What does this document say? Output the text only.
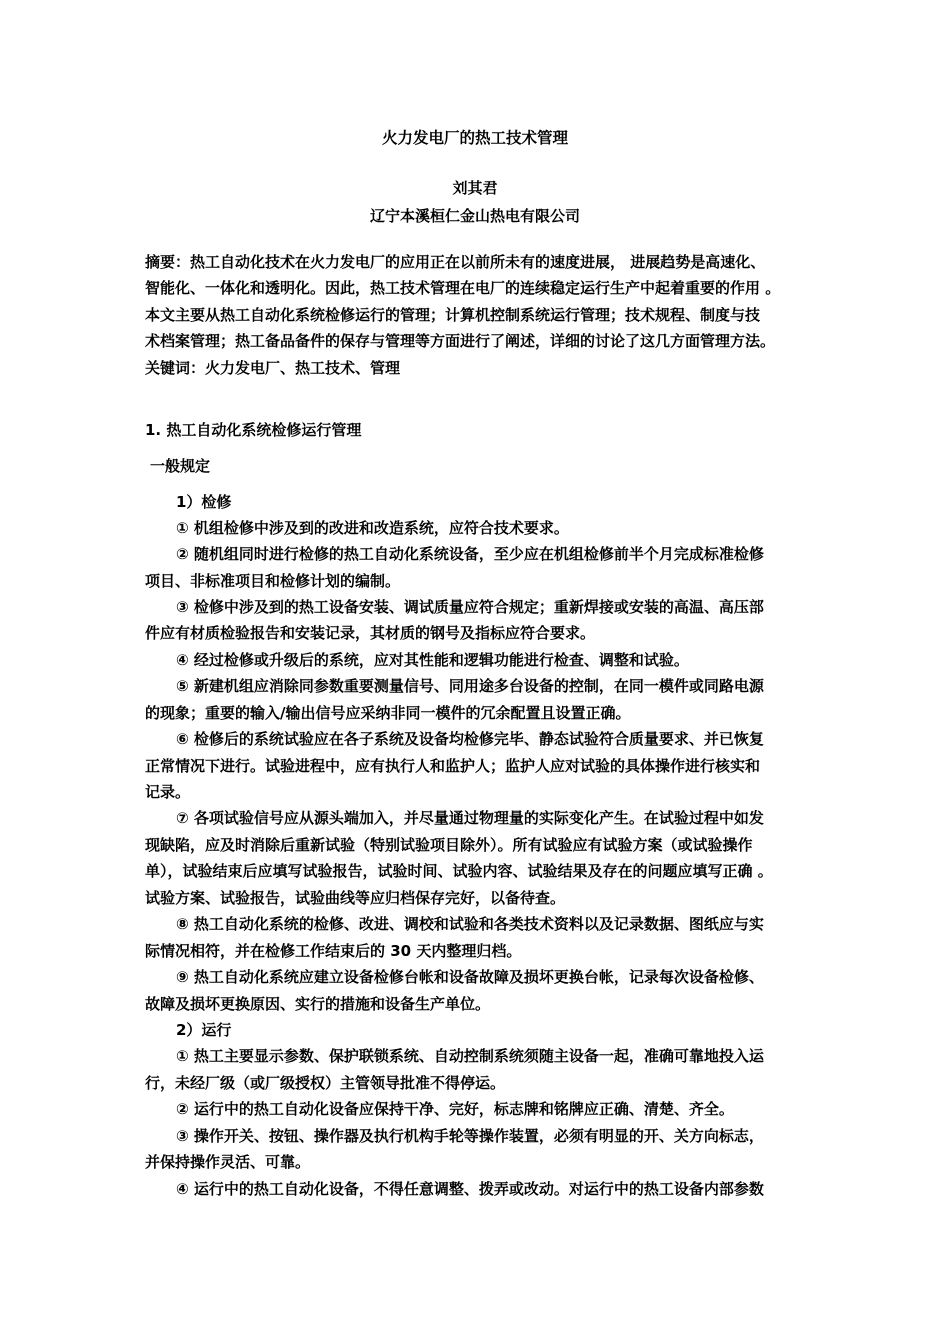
火力发电厂的热工技术管理
刘其君
辽宁本溪桓仁金山热电有限公司
摘要：热工自动化技术在火力发电厂的应用正在以前所未有的速度进展， 进展趋势是高速化、
智能化、一体化和透明化。因此，热工技术管理在电厂的连续稳定运行生产中起着重要的作用 。
本文主要从热工自动化系统检修运行的管理；计算机控制系统运行管理；技术规程、制度与技
术档案管理；热工备品备件的保存与管理等方面进行了阐述，详细的讨论了这几方面管理方法。
关键词：火力发电厂、热工技术、管理
1. 热工自动化系统检修运行管理
一般规定
1）检修
① 机组检修中涉及到的改进和改造系统，应符合技术要求。
② 随机组同时进行检修的热工自动化系统设备，至少应在机组检修前半个月完成标准检修
项目、非标准项目和检修计划的编制。
③ 检修中涉及到的热工设备安装、调试质量应符合规定；重新焊接或安装的高温、高压部
件应有材质检验报告和安装记录，其材质的钢号及指标应符合要求。
④ 经过检修或升级后的系统，应对其性能和逻辑功能进行检查、调整和试验。
⑤ 新建机组应消除同参数重要测量信号、同用途多台设备的控制，在同一模件或同路电源
的现象；重要的输入/输出信号应采纳非同一模件的冗余配置且设置正确。
⑥ 检修后的系统试验应在各子系统及设备均检修完毕、静态试验符合质量要求、并已恢复
正常情况下进行。试验进程中，应有执行人和监护人；监护人应对试验的具体操作进行核实和
记录。
⑦ 各项试验信号应从源头端加入，并尽量通过物理量的实际变化产生。在试验过程中如发
现缺陷，应及时消除后重新试验（特别试验项目除外）。所有试验应有试验方案（或试验操作
单），试验结束后应填写试验报告，试验时间、试验内容、试验结果及存在的问题应填写正确 。
试验方案、试验报告，试验曲线等应归档保存完好，以备待查。
⑧ 热工自动化系统的检修、改进、调校和试验和各类技术资料以及记录数据、图纸应与实
际情况相符，并在检修工作结束后的 30 天内整理归档。
⑨ 热工自动化系统应建立设备检修台帐和设备故障及损坏更换台帐，记录每次设备检修、
故障及损坏更换原因、实行的措施和设备生产单位。
2）运行
① 热工主要显示参数、保护联锁系统、自动控制系统须随主设备一起，准确可靠地投入运
行，未经厂级（或厂级授权）主管领导批准不得停运。
② 运行中的热工自动化设备应保持干净、完好，标志牌和铭牌应正确、清楚、齐全。
③ 操作开关、按钮、操作器及执行机构手轮等操作装置，必须有明显的开、关方向标志，
并保持操作灵活、可靠。
④ 运行中的热工自动化设备，不得任意调整、拨弄或改动。对运行中的热工设备内部参数
